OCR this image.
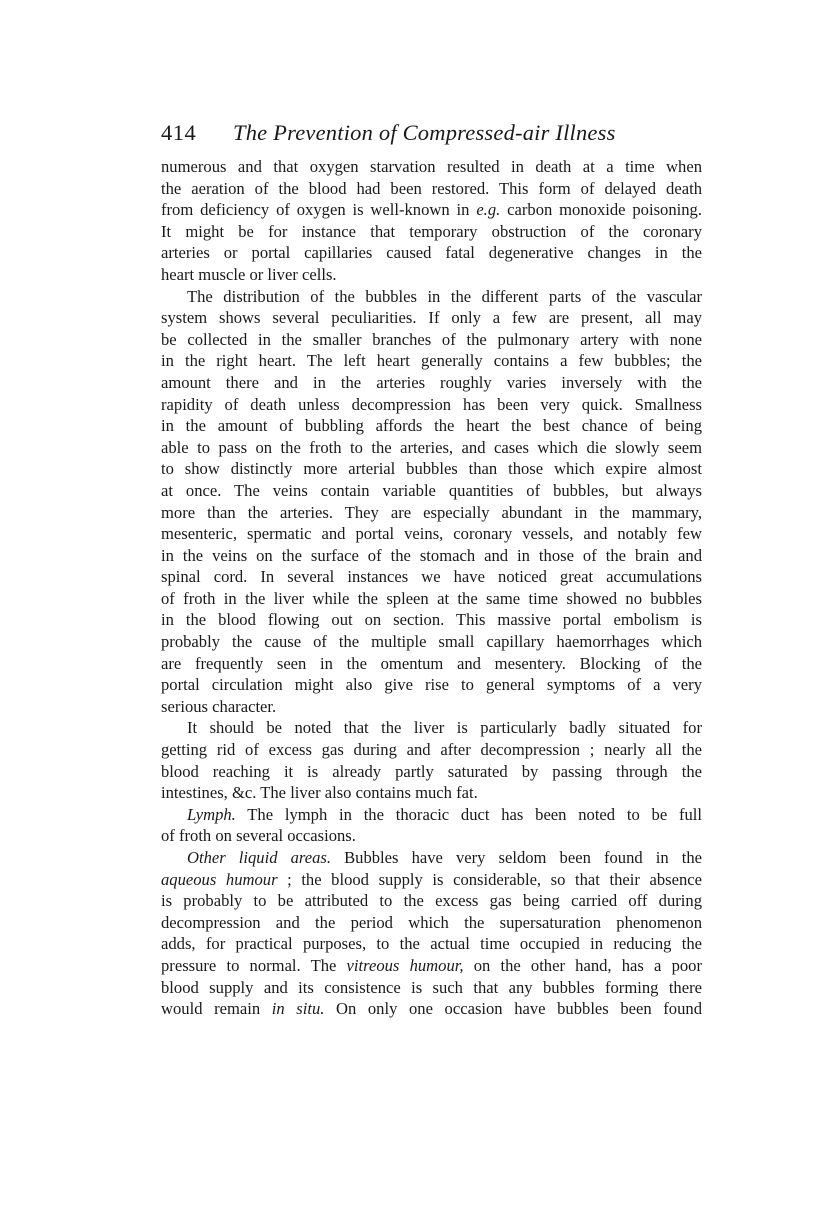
414	The Prevention of Compressed-air Illness

numerous and that oxygen starvation resulted in death at a time when
the aeration of the blood had been restored. This form of delayed death
from deficiency of oxygen is well-known in e.g. carbon monoxide poisoning.
It might be for instance that temporary obstruction of the coronary
arteries or portal capillaries caused fatal degenerative changes in the
heart muscle or liver cells.

The distribution of the bubbles in the different parts of the vascular
system shows several peculiarities. If only a few are present, all may
be collected in the smaller branches of the pulmonary artery with none
in the right heart. The left heart generally contains a few bubbles; the
amount there and in the arteries roughly varies inversely with the
rapidity of death unless decompression has been very quick. Smallness
in the amount of bubbling affords the heart the best chance of being
able to pass on the froth to the arteries, and cases which die slowly seem
to show distinctly more arterial bubbles than those which expire almost
at once. The veins contain variable quantities of bubbles, but always
more than the arteries. They are especially abundant in the mammary,
mesenteric, spermatic and portal veins, coronary vessels, and notably few
in the veins on the surface of the stomach and in those of the brain and
spinal cord. In several instances we have noticed great accumulations
of froth in the liver while the spleen at the same time showed no bubbles
in the blood flowing out on section. This massive portal embolism is
probably the cause of the multiple small capillary haemorrhages which
are frequently seen in the omentum and mesentery. Blocking of the
portal circulation might also give rise to general symptoms of a very
serious character.

It should be noted that the liver is particularly badly situated for
getting rid of excess gas during and after decompression ; nearly all the
blood reaching it is already partly saturated by passing through the
intestines, &c. The liver also contains much fat.

Lymph. The lymph in the thoracic duct has been noted to be full
of froth on several occasions.

Other liquid areas. Bubbles have very seldom been found in the
aqueous humour ; the blood supply is considerable, so that their absence
is probably to be attributed to the excess gas being carried off during
decompression and the period which the supersaturation phenomenon
adds, for practical purposes, to the actual time occupied in reducing the
pressure to normal. The vitreous humour, on the other hand, has a poor
blood supply and its consistence is such that any bubbles forming there
would remain in situ. On only one occasion have bubbles been found
